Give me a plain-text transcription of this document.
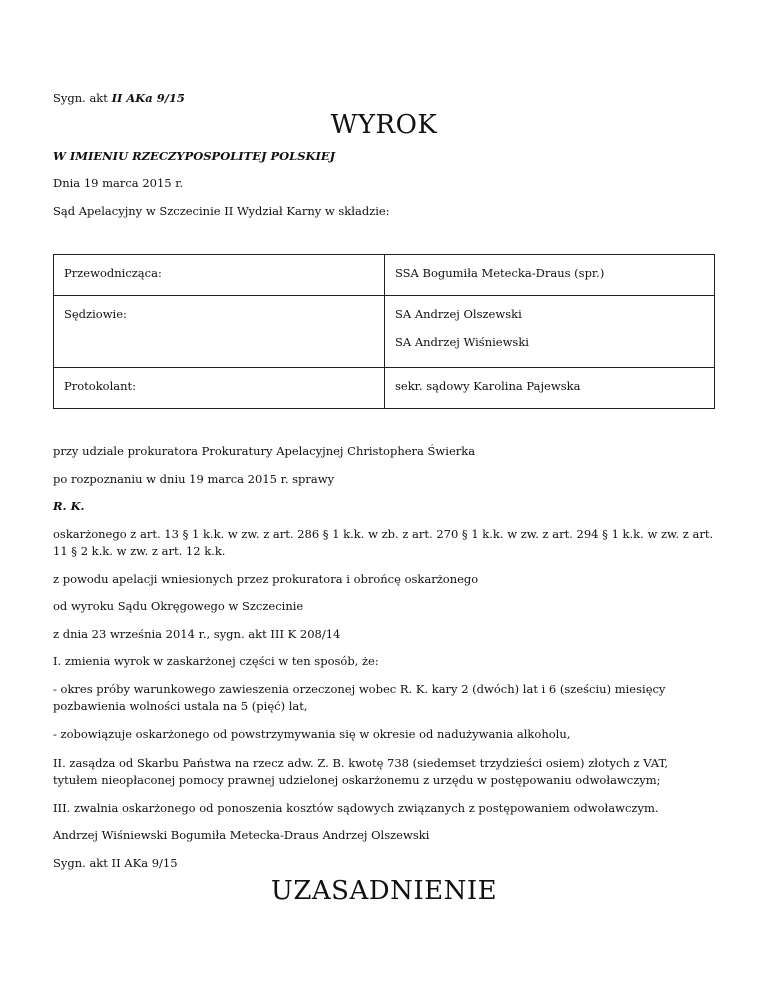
Sygn. akt II AKa 9/15
WYROK
W IMIENIU RZECZYPOSPOLITEJ POLSKIEJ
Dnia 19 marca 2015 r.
Sąd Apelacyjny w Szczecinie II Wydział Karny w składzie:
Przewodnicząca:	SSA Bogumiła Metecka-Draus (spr.)

Sędziowie:	SA Andrzej Olszewski
SA Andrzej Wiśniewski

Protokolant:	sekr. sądowy Karolina Pajewska
przy udziale prokuratora Prokuratury Apelacyjnej Christophera Świerka
po rozpoznaniu w dniu 19 marca 2015 r. sprawy
R. K.
oskarżonego z art. 13 § 1 k.k. w zw. z art. 286 § 1 k.k. w zb. z art. 270 § 1 k.k. w zw. z art. 294 § 1 k.k. w zw. z art. 11 § 2 k.k. w zw. z art. 12 k.k.
z powodu apelacji wniesionych przez prokuratora i obrońcę oskarżonego
od wyroku Sądu Okręgowego w Szczecinie
z dnia 23 września 2014 r., sygn. akt III K 208/14
I. zmienia wyrok w zaskarżonej części w ten sposób, że:
- okres próby warunkowego zawieszenia orzeczonej wobec R. K. kary 2 (dwóch) lat i 6 (sześciu) miesięcy pozbawienia wolności ustala na 5 (pięć) lat,
- zobowiązuje oskarżonego od powstrzymywania się w okresie od nadużywania alkoholu,
II. zasądza od Skarbu Państwa na rzecz adw. Z. B. kwotę 738 (siedemset trzydzieści osiem) złotych z VAT, tytułem nieopłaconej pomocy prawnej udzielonej oskarżonemu z urzędu w postępowaniu odwoławczym;
III. zwalnia oskarżonego od ponoszenia kosztów sądowych związanych z postępowaniem odwoławczym.
Andrzej Wiśniewski Bogumiła Metecka-Draus Andrzej Olszewski
Sygn. akt II AKa 9/15
UZASADNIENIE
